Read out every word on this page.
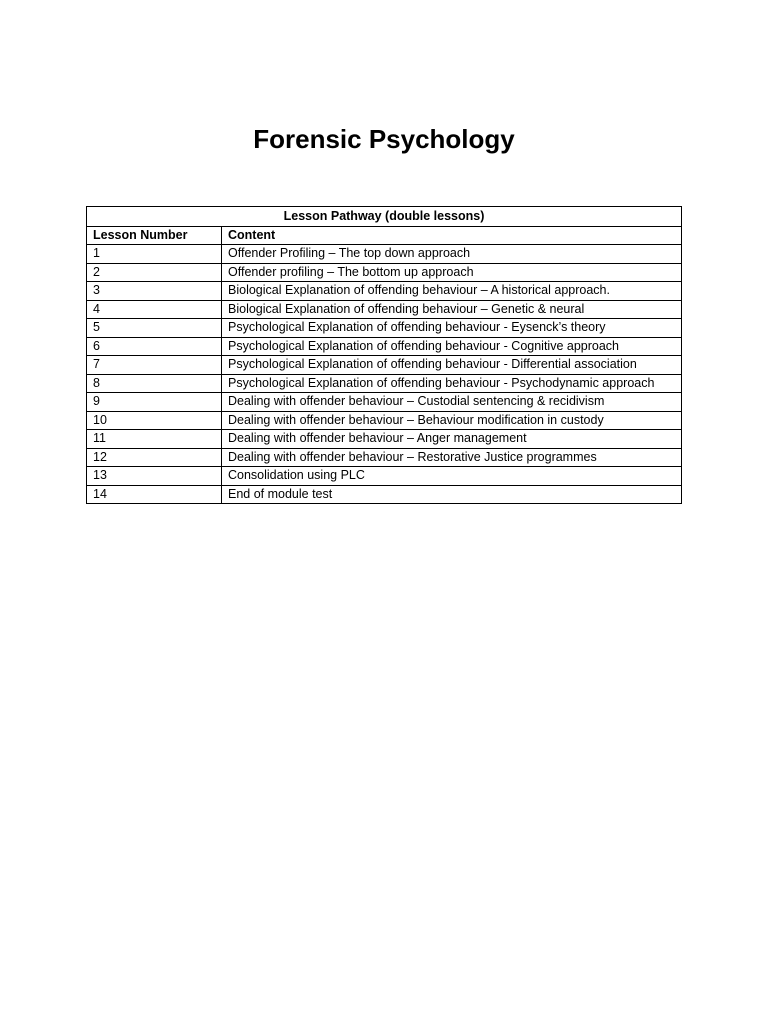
Forensic Psychology
Lesson Pathway (double lessons)	
Lesson Number	Content
1	Offender Profiling – The top down approach
2	Offender profiling – The bottom up approach
3	Biological Explanation of offending behaviour – A historical approach.
4	Biological Explanation of offending behaviour – Genetic & neural
5	Psychological Explanation of offending behaviour - Eysenck’s theory
6	Psychological Explanation of offending behaviour - Cognitive approach
7	Psychological Explanation of offending behaviour - Differential association
8	Psychological Explanation of offending behaviour - Psychodynamic approach
9	Dealing with offender behaviour – Custodial sentencing & recidivism
10	Dealing with offender behaviour – Behaviour modification in custody
11	Dealing with offender behaviour – Anger management
12	Dealing with offender behaviour – Restorative Justice programmes
13	Consolidation using PLC
14	End of module test
